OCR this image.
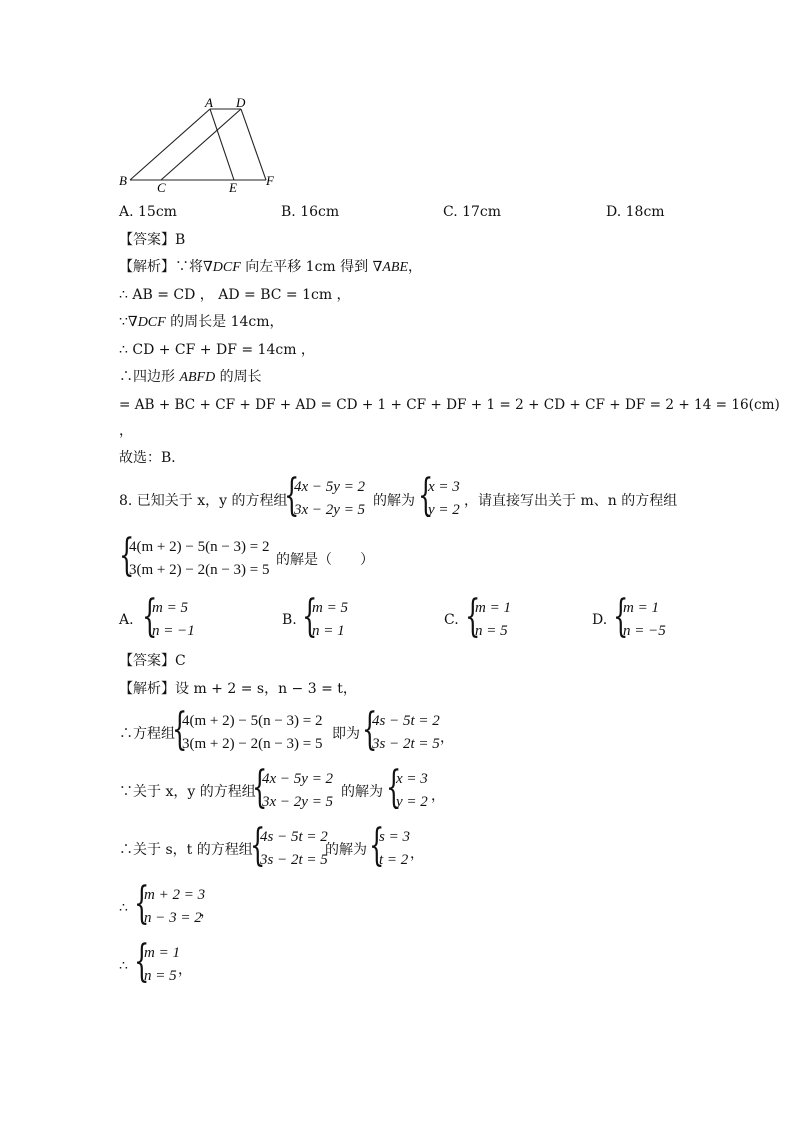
A D
B C	E F
A. 15cm	B. 16cm	C. 17cm	D. 18cm
【答案】B
【解析】∵将∇DCF 向左平移 1cm 得到 ∇ABE，
∴ AB = CD ， AD = BC = 1cm ，
∵∇DCF 的周长是 14cm，
∴ CD + CF + DF = 14cm ，
∴四边形 ABFD 的周长
= AB + BC + CF + DF + AD = CD + 1 + CF + DF + 1 = 2 + CD + CF + DF = 2 + 14 = 16(cm)
，
故选：B．
8. 已知关于 x，y 的方程组
{
4x − 5y = 2
3x − 2y = 5
的解为 {
x = 3
y = 2
，请直接写出关于 m、n 的方程组
{
4(m + 2) − 5(n − 3) = 2
3(m + 2) − 2(n − 3) = 5
的解是（　　）
A. {
m = 5
n = −1
B. {
m = 5
n = 1
C. {
m = 1
n = 5
D. {
m = 1
n = −5
【答案】C
【解析】设 m + 2 = s，n − 3 = t，
∴方程组
{
4(m + 2) − 5(n − 3) = 2
3(m + 2) − 2(n − 3) = 5
即为 {
4s − 5t = 2
3s − 2t = 5 ，
∵关于 x，y 的方程组
{
4x − 5y = 2
3x − 2y = 5
的解为 {
x = 3
y = 2 ，
∴关于 s，t 的方程组
{
4s − 5t = 2
3s − 2t = 5
的解为 {
s = 3
t = 2 ，
∴ {
m + 2 = 3
n − 3 = 2
，
∴ {
m = 1
n = 5 ，
